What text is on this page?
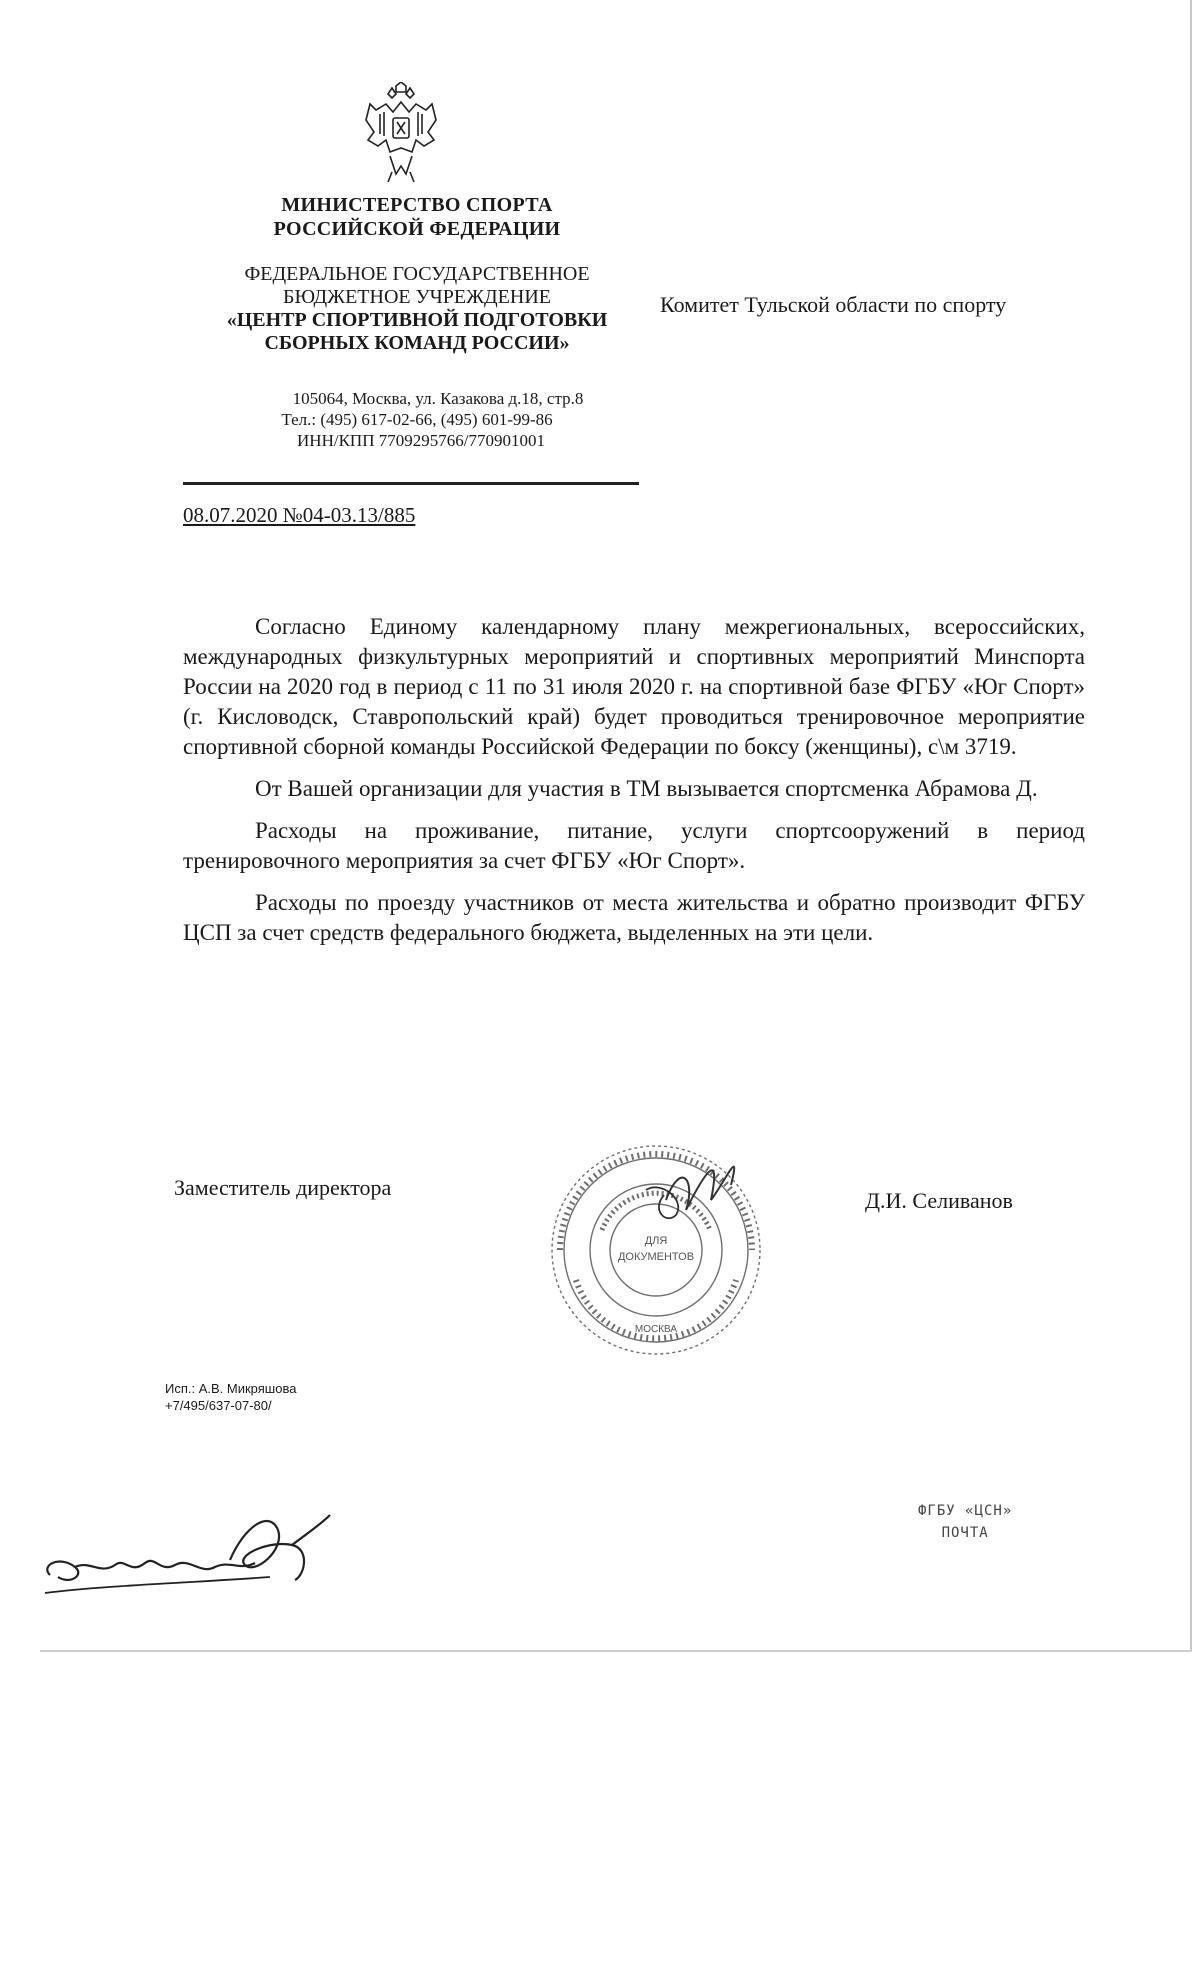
МИНИСТЕРСТВО СПОРТА
РОССИЙСКОЙ ФЕДЕРАЦИИ
ФЕДЕРАЛЬНОЕ ГОСУДАРСТВЕННОЕ
БЮДЖЕТНОЕ УЧРЕЖДЕНИЕ
«ЦЕНТР СПОРТИВНОЙ ПОДГОТОВКИ
СБОРНЫХ КОМАНД РОССИИ»
105064, Москва, ул. Казакова д.18, стр.8
Тел.: (495) 617-02-66, (495) 601-99-86
ИНН/КПП 7709295766/770901001
08.07.2020 №04-03.13/885
Комитет Тульской области по спорту

Согласно Единому календарному плану межрегиональных, всероссийских, международных физкультурных мероприятий и спортивных мероприятий Минспорта России на 2020 год в период с 11 по 31 июля 2020 г. на спортивной базе ФГБУ «Юг Спорт» (г. Кисловодск, Ставропольский край) будет проводиться тренировочное мероприятие спортивной сборной команды Российской Федерации по боксу (женщины), с\м 3719.

От Вашей организации для участия в ТМ вызывается спортсменка Абрамова Д.

Расходы на проживание, питание, услуги спортсооружений в период тренировочного мероприятия за счет ФГБУ «Юг Спорт».

Расходы по проезду участников от места жительства и обратно производит ФГБУ ЦСП за счет средств федерального бюджета, выделенных на эти цели.

Заместитель директора
ДЛЯ
ДОКУМЕНТОВ
МОСКВА
Д.И. Селиванов
Исп.: А.В. Микряшова
+7/495/637-07-80/
ФГБУ «ЦСН»
ПОЧТА
